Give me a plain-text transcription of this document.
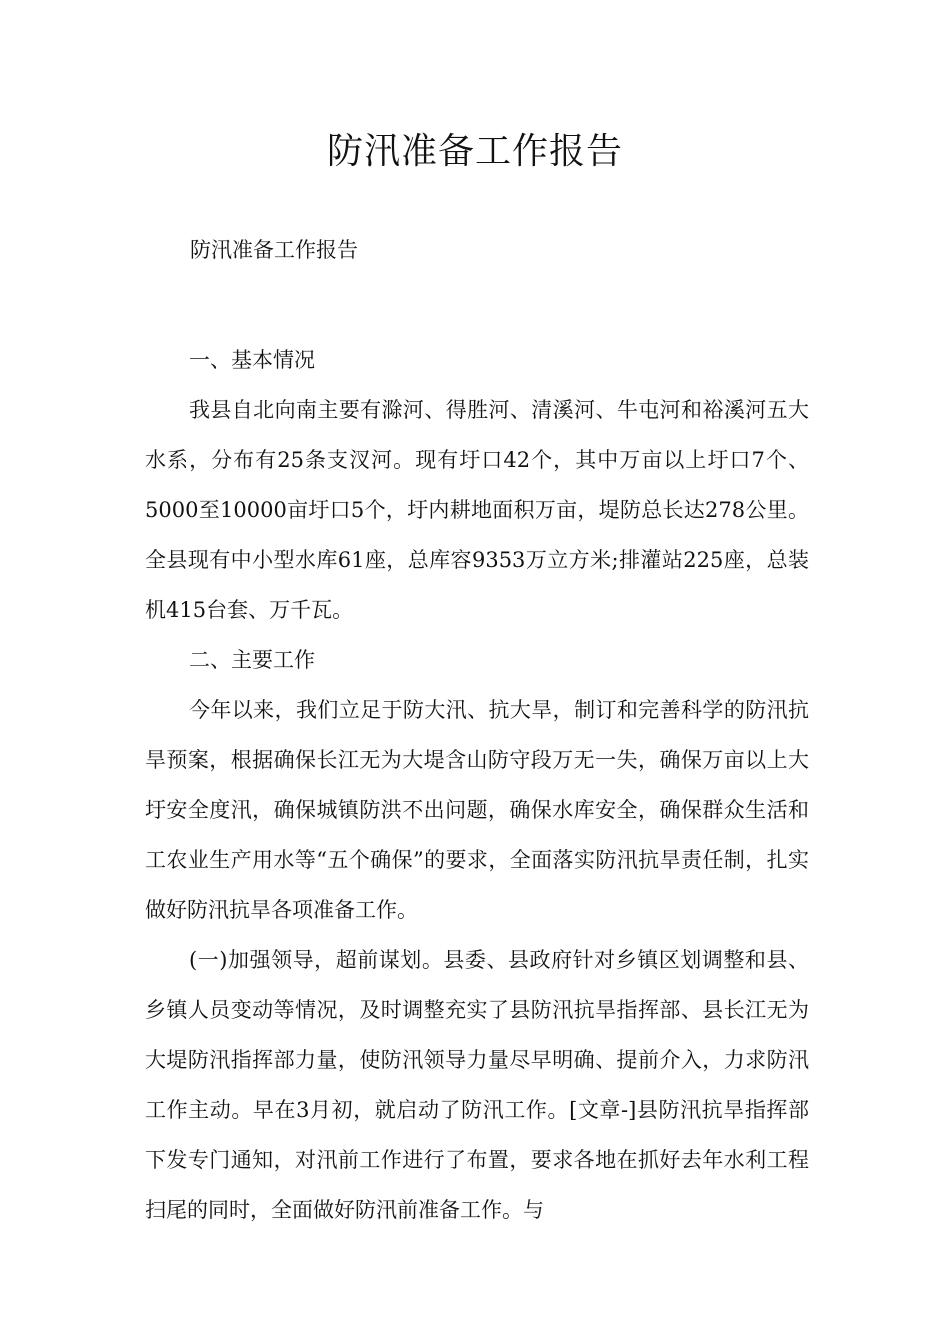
防汛准备工作报告
防汛准备工作报告

一、基本情况

我县自北向南主要有滁河、得胜河、清溪河、牛屯河和裕溪河五大水系，分布有25条支汊河。现有圩口42个，其中万亩以上圩口7个、5000至10000亩圩口5个，圩内耕地面积万亩，堤防总长达278公里。全县现有中小型水库61座，总库容9353万立方米;排灌站225座，总装机415台套、万千瓦。

二、主要工作

今年以来，我们立足于防大汛、抗大旱，制订和完善科学的防汛抗旱预案，根据确保长江无为大堤含山防守段万无一失，确保万亩以上大圩安全度汛，确保城镇防洪不出问题，确保水库安全，确保群众生活和工农业生产用水等“五个确保”的要求，全面落实防汛抗旱责任制，扎实做好防汛抗旱各项准备工作。

(一)加强领导，超前谋划。县委、县政府针对乡镇区划调整和县、乡镇人员变动等情况，及时调整充实了县防汛抗旱指挥部、县长江无为大堤防汛指挥部力量，使防汛领导力量尽早明确、提前介入，力求防汛工作主动。早在3月初，就启动了防汛工作。[文章-]县防汛抗旱指挥部下发专门通知，对汛前工作进行了布置，要求各地在抓好去年水利工程扫尾的同时，全面做好防汛前准备工作。与
